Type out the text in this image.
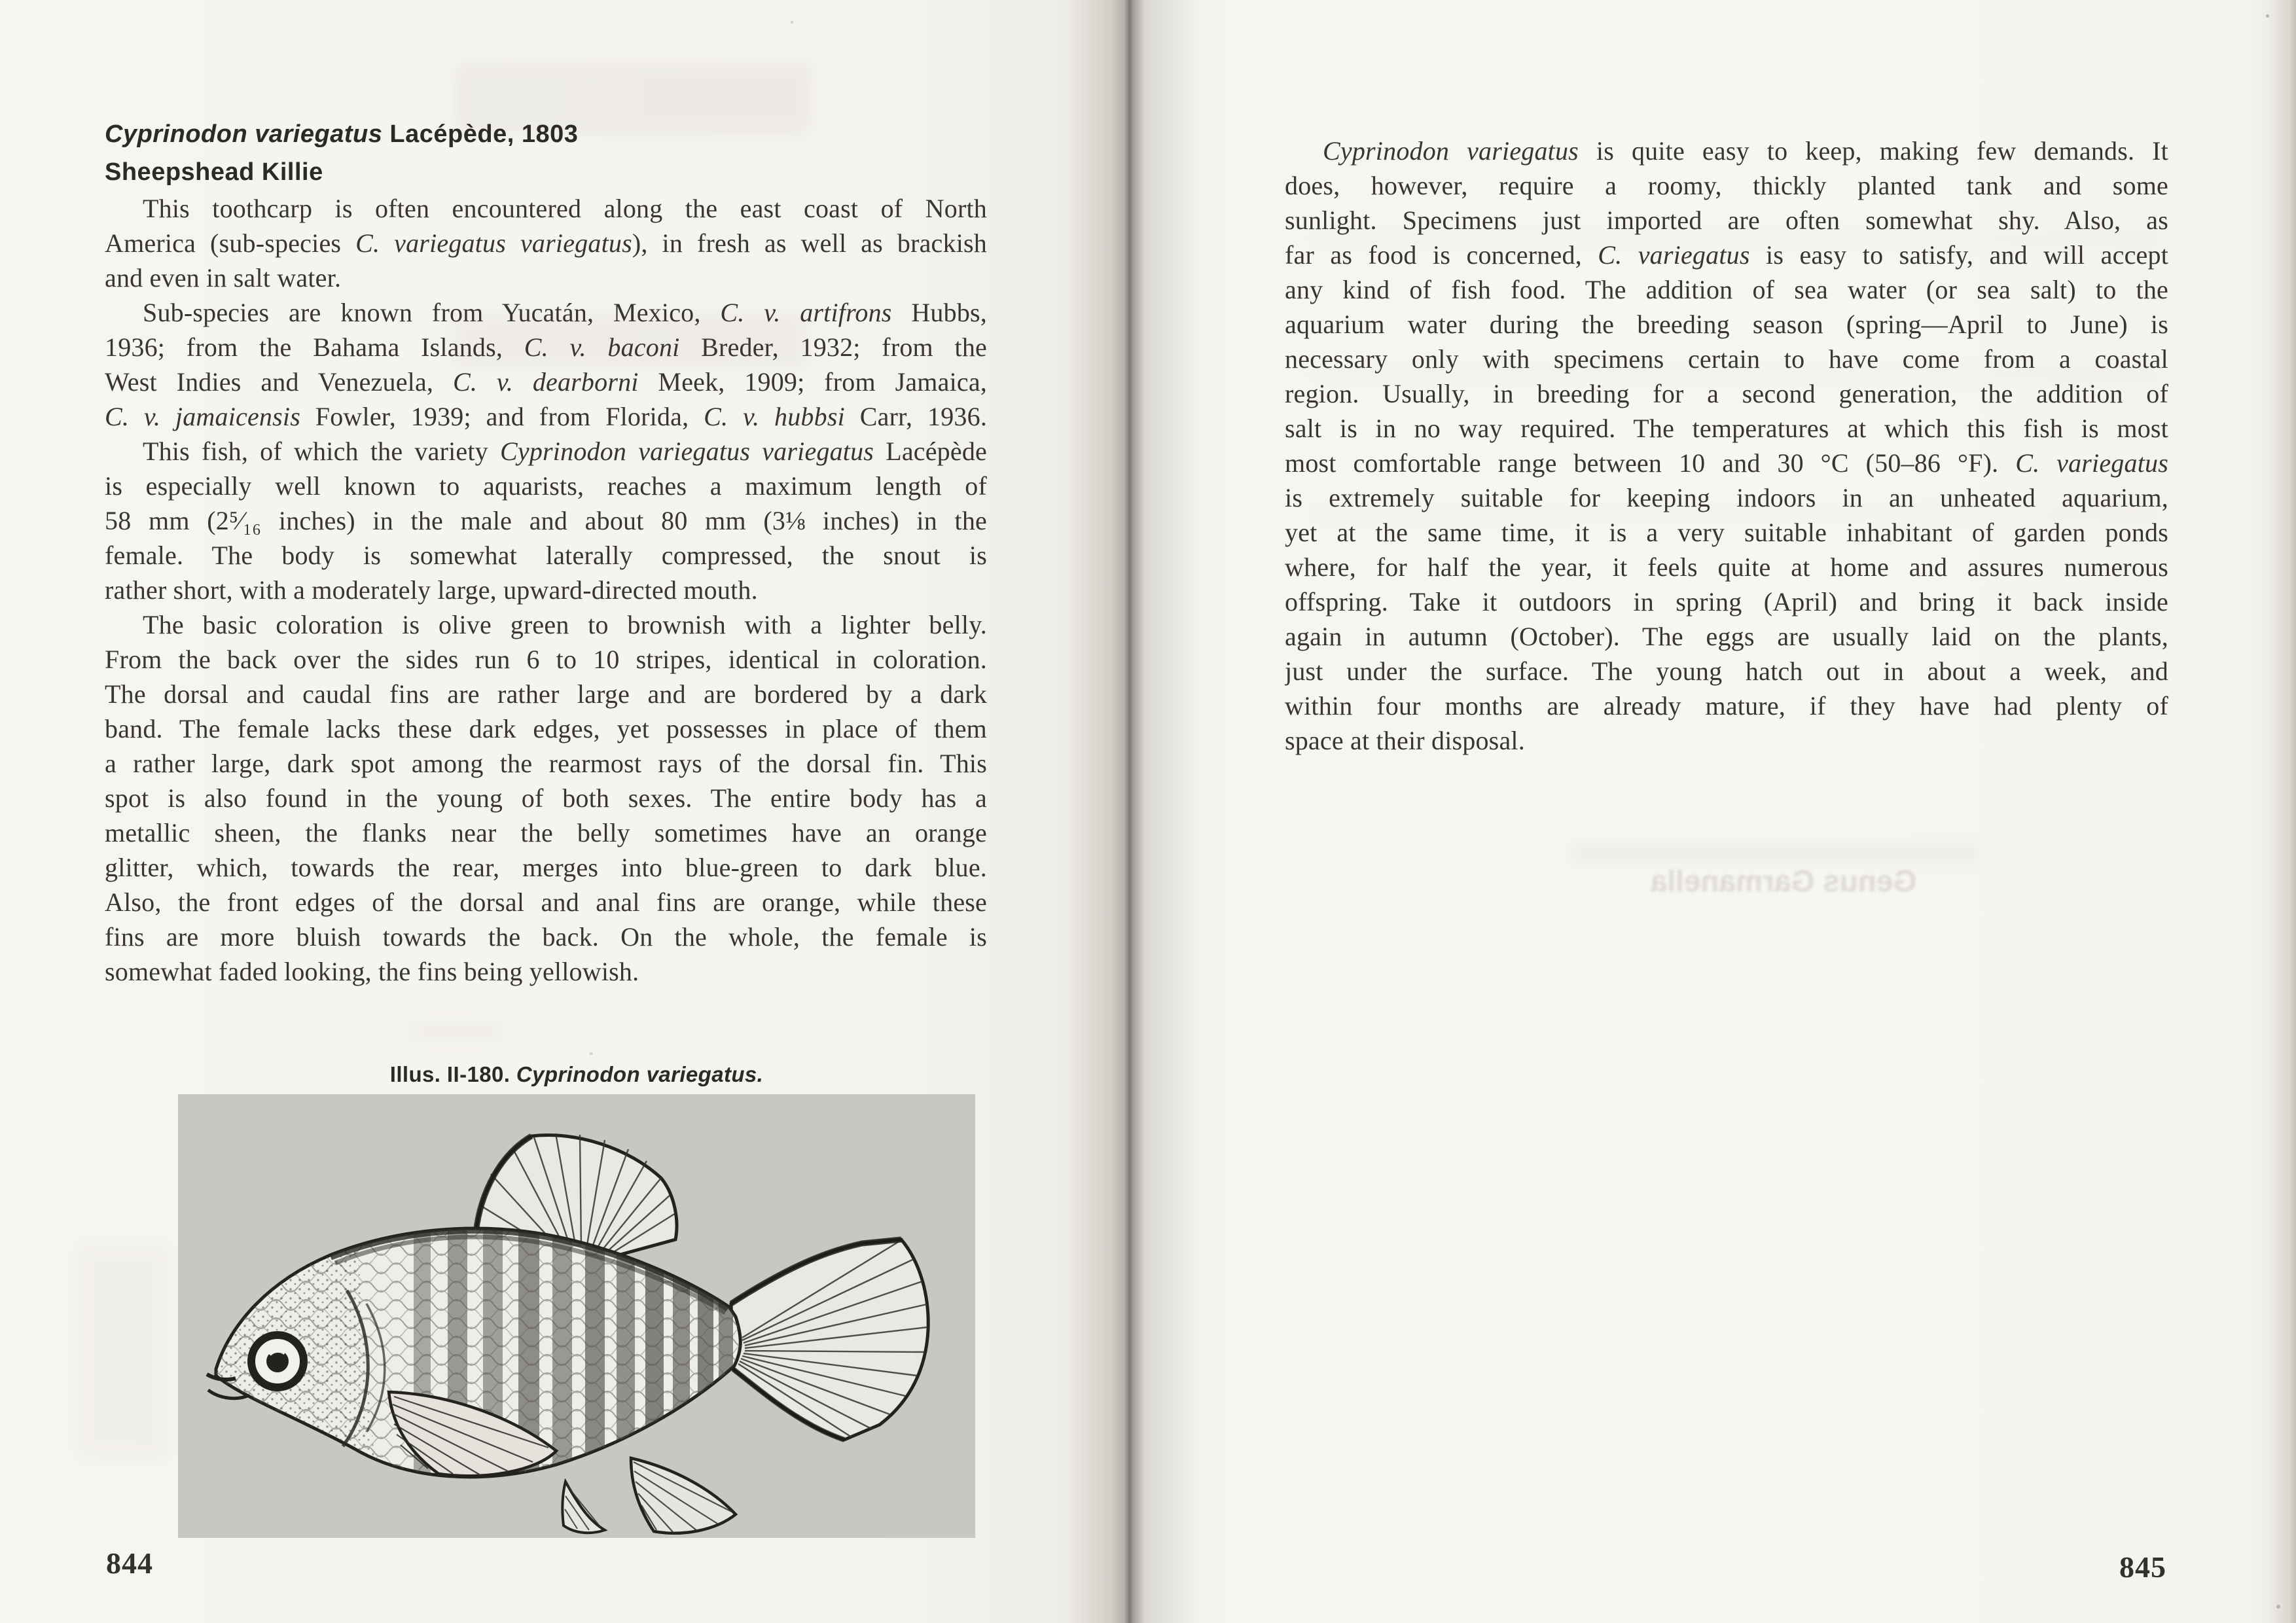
Cyprinodon variegatus Lacépède, 1803
Sheepshead Killie
This toothcarp is often encountered along the east coast of North
America (sub-species C. variegatus variegatus), in fresh as well as brackish
and even in salt water.
Sub-species are known from Yucatán, Mexico, C. v. artifrons Hubbs,
1936; from the Bahama Islands, C. v. baconi Breder, 1932; from the
West Indies and Venezuela, C. v. dearborni Meek, 1909; from Jamaica,
C. v. jamaicensis Fowler, 1939; and from Florida, C. v. hubbsi Carr, 1936.
This fish, of which the variety Cyprinodon variegatus variegatus Lacépède
is especially well known to aquarists, reaches a maximum length of
58 mm (2⁵⁄₁₆ inches) in the male and about 80 mm (3⅛ inches) in the
female. The body is somewhat laterally compressed, the snout is
rather short, with a moderately large, upward-directed mouth.
The basic coloration is olive green to brownish with a lighter belly.
From the back over the sides run 6 to 10 stripes, identical in coloration.
The dorsal and caudal fins are rather large and are bordered by a dark
band. The female lacks these dark edges, yet possesses in place of them
a rather large, dark spot among the rearmost rays of the dorsal fin. This
spot is also found in the young of both sexes. The entire body has a
metallic sheen, the flanks near the belly sometimes have an orange
glitter, which, towards the rear, merges into blue-green to dark blue.
Also, the front edges of the dorsal and anal fins are orange, while these
fins are more bluish towards the back. On the whole, the female is
somewhat faded looking, the fins being yellowish.
Illus. II-180. Cyprinodon variegatus.
844
Genus Garmanella
Cyprinodon variegatus is quite easy to keep, making few demands. It
does, however, require a roomy, thickly planted tank and some
sunlight. Specimens just imported are often somewhat shy. Also, as
far as food is concerned, C. variegatus is easy to satisfy, and will accept
any kind of fish food. The addition of sea water (or sea salt) to the
aquarium water during the breeding season (spring—April to June) is
necessary only with specimens certain to have come from a coastal
region. Usually, in breeding for a second generation, the addition of
salt is in no way required. The temperatures at which this fish is most
most comfortable range between 10 and 30 °C (50–86 °F). C. variegatus
is extremely suitable for keeping indoors in an unheated aquarium,
yet at the same time, it is a very suitable inhabitant of garden ponds
where, for half the year, it feels quite at home and assures numerous
offspring. Take it outdoors in spring (April) and bring it back inside
again in autumn (October). The eggs are usually laid on the plants,
just under the surface. The young hatch out in about a week, and
within four months are already mature, if they have had plenty of
space at their disposal.
845
